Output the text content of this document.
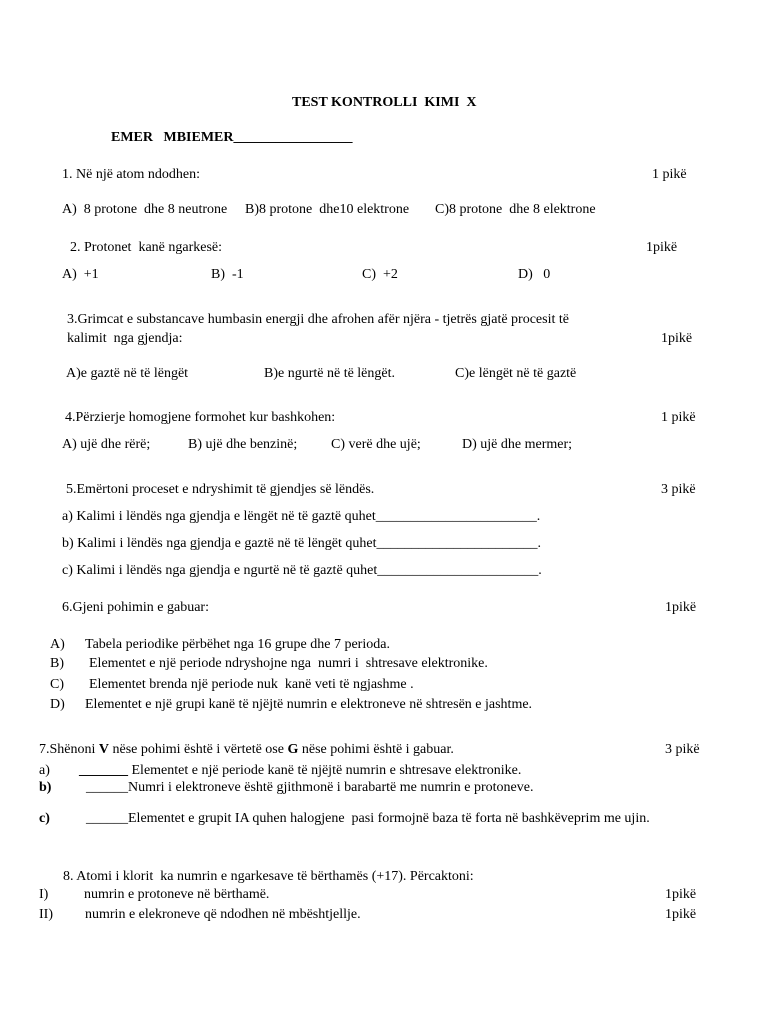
TEST KONTROLLI  KIMI  X
EMER   MBIEMER_________________
1. Në një atom ndodhen:	1 pikë
A)  8 protone  dhe 8 neutrone B)8 protone  dhe10 elektrone C)8 protone  dhe 8 elektrone
2. Protonet  kanë ngarkesë:	1pikë
A)  +1	B)  -1	C)  +2	D)   0
3.Grimcat e substancave humbasin energji dhe afrohen afër njëra - tjetrës gjatë procesit të
kalimit  nga gjendja:	1pikë
A)e gaztë në të lëngët	B)e ngurtë në të lëngët.	C)e lëngët në të gaztë
4.Përzierje homogjene formohet kur bashkohen:	1 pikë
A) ujë dhe rërë;	B) ujë dhe benzinë; C) verë dhe ujë;	D) ujë dhe mermer;
5.Emërtoni proceset e ndryshimit të gjendjes së lëndës.	3 pikë
a) Kalimi i lëndës nga gjendja e lëngët në të gaztë quhet_______________________.
b) Kalimi i lëndës nga gjendja e gaztë në të lëngët quhet_______________________.
c) Kalimi i lëndës nga gjendja e ngurtë në të gaztë quhet_______________________.
6.Gjeni pohimin e gabuar:	1pikë
A) Tabela periodike përbëhet nga 16 grupe dhe 7 perioda.
B) Elementet e një periode ndryshojne nga  numri i  shtresave elektronike.
C) Elementet brenda një periode nuk  kanë veti të ngjashme .
D) Elementet e një grupi kanë të njëjtë numrin e elektroneve në shtresën e jashtme.
7.Shënoni V nëse pohimi është i vërtetë ose G nëse pohimi është i gabuar.	3 pikë
a) _______ Elementet e një periode kanë të njëjtë numrin e shtresave elektronike.
b) ______Numri i elektroneve është gjithmonë i barabartë me numrin e protoneve.
c)	______Elementet e grupit IA quhen halogjene  pasi formojnë baza të forta në bashkëveprim me ujin.
8. Atomi i klorit  ka numrin e ngarkesave të bërthamës (+17). Përcaktoni:
I)	numrin e protoneve në bërthamë.	1pikë
II) numrin e elekroneve që ndodhen në mbështjellje.	1pikë
